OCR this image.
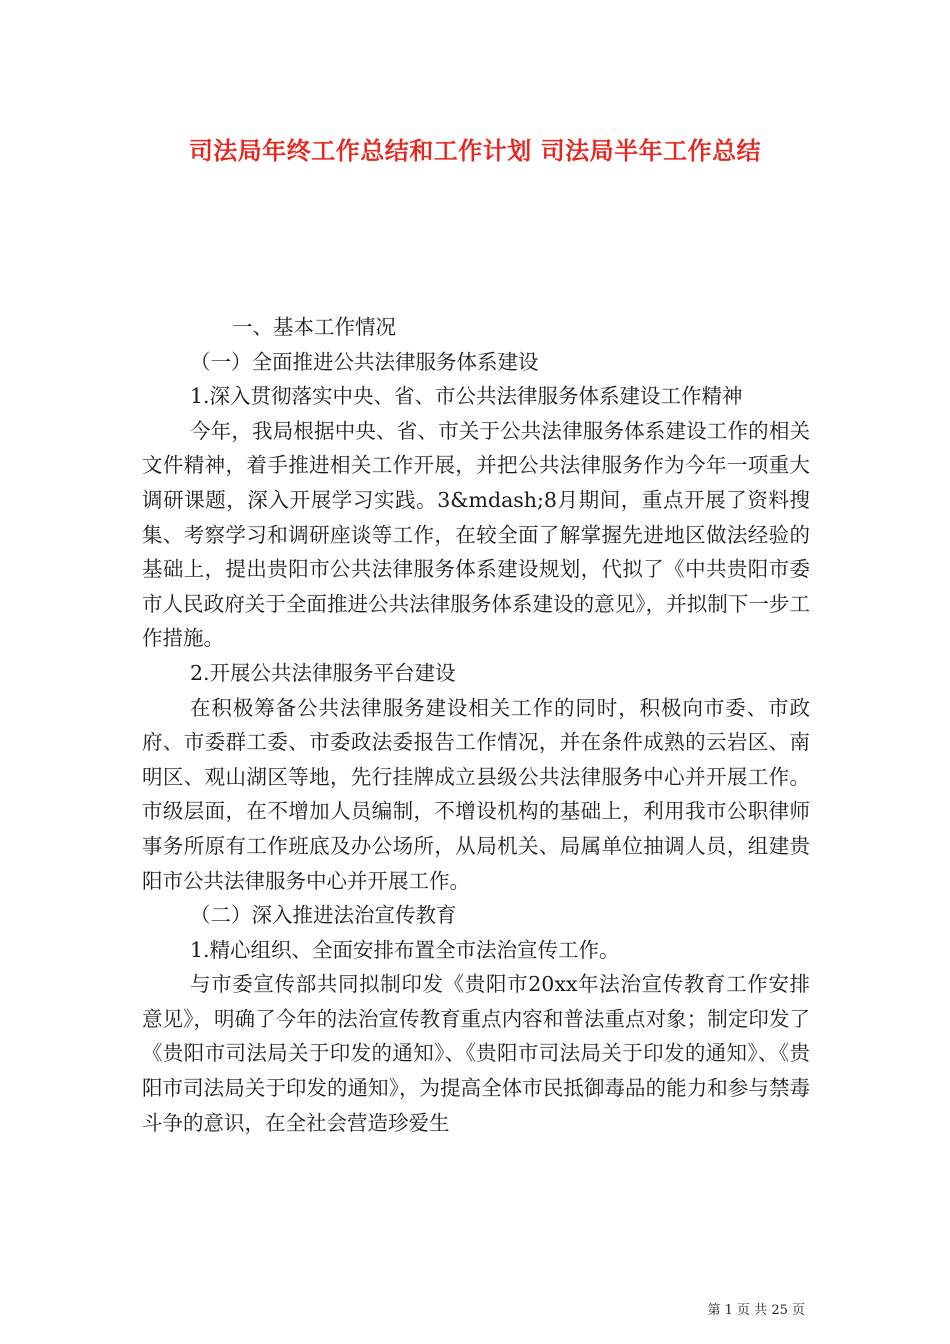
司法局年终工作总结和工作计划 司法局半年工作总结

一、基本工作情况

（一）全面推进公共法律服务体系建设

1.深入贯彻落实中央、省、市公共法律服务体系建设工作精神

今年，我局根据中央、省、市关于公共法律服务体系建设工作的相关文件精神，着手推进相关工作开展，并把公共法律服务作为今年一项重大调研课题，深入开展学习实践。3&mdash;8月期间，重点开展了资料搜集、考察学习和调研座谈等工作，在较全面了解掌握先进地区做法经验的基础上，提出贵阳市公共法律服务体系建设规划，代拟了《中共贵阳市委市人民政府关于全面推进公共法律服务体系建设的意见》，并拟制下一步工作措施。

2.开展公共法律服务平台建设

在积极筹备公共法律服务建设相关工作的同时，积极向市委、市政府、市委群工委、市委政法委报告工作情况，并在条件成熟的云岩区、南明区、观山湖区等地，先行挂牌成立县级公共法律服务中心并开展工作。市级层面，在不增加人员编制，不增设机构的基础上，利用我市公职律师事务所原有工作班底及办公场所，从局机关、局属单位抽调人员，组建贵阳市公共法律服务中心并开展工作。

（二）深入推进法治宣传教育

1.精心组织、全面安排布置全市法治宣传工作。

与市委宣传部共同拟制印发《贵阳市20xx年法治宣传教育工作安排意见》，明确了今年的法治宣传教育重点内容和普法重点对象；制定印发了《贵阳市司法局关于印发的通知》、《贵阳市司法局关于印发的通知》、《贵阳市司法局关于印发的通知》，为提高全体市民抵御毒品的能力和参与禁毒斗争的意识，在全社会营造珍爱生

第 1 页 共 25 页
